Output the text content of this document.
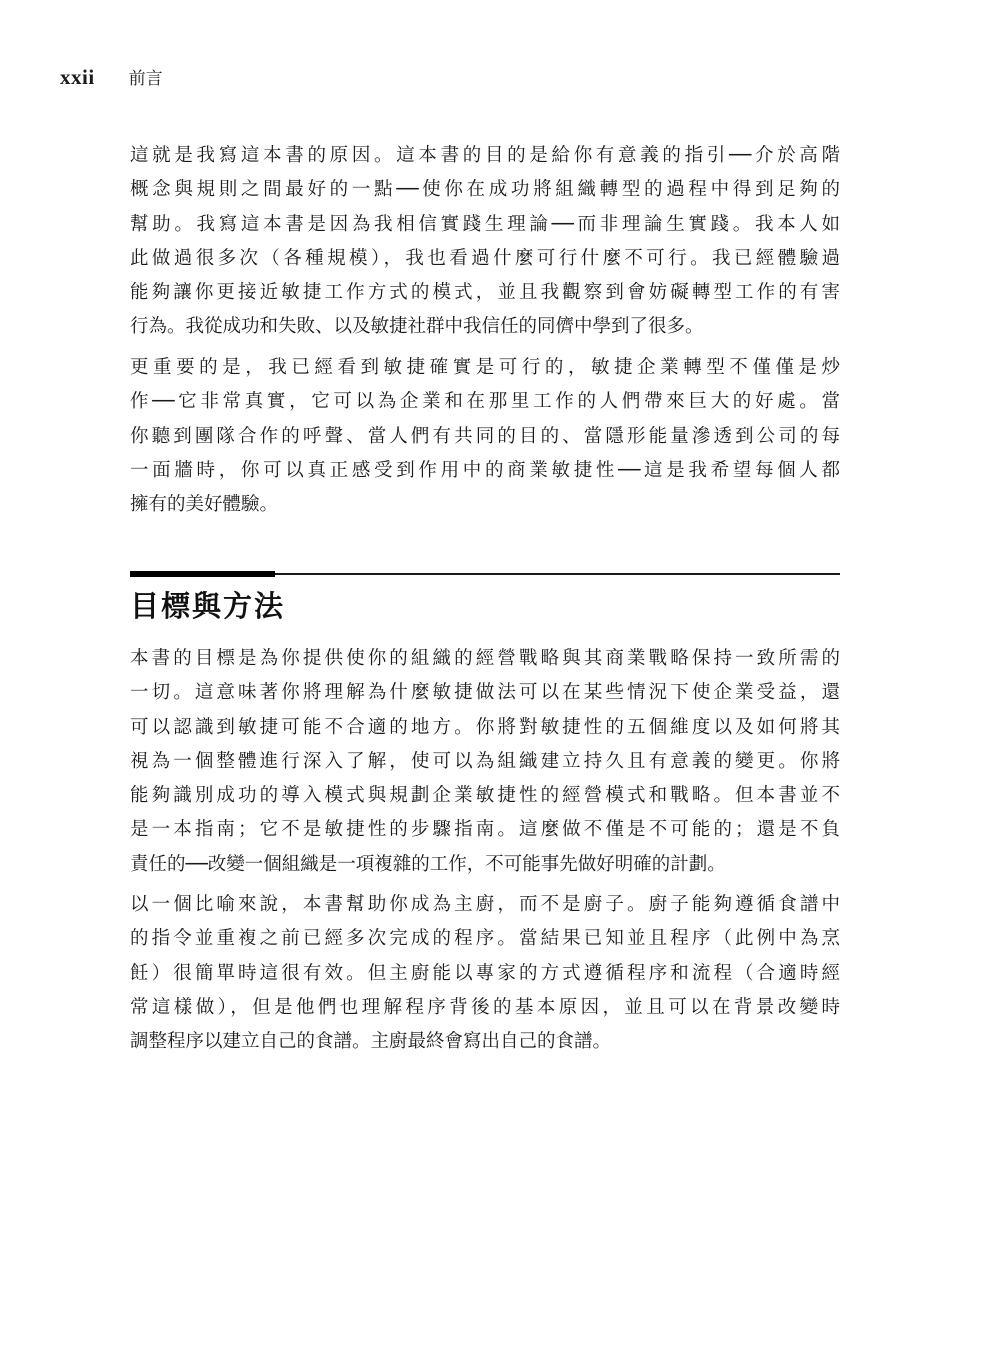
xxii 前言

這就是我寫這本書的原因。這本書的目的是給你有意義的指引──介於高階
概念與規則之間最好的一點──使你在成功將組織轉型的過程中得到足夠的
幫助。我寫這本書是因為我相信實踐生理論──而非理論生實踐。我本人如
此做過很多次（各種規模），我也看過什麼可行什麼不可行。我已經體驗過
能夠讓你更接近敏捷工作方式的模式，並且我觀察到會妨礙轉型工作的有害
行為。我從成功和失敗、以及敏捷社群中我信任的同儕中學到了很多。

更重要的是，我已經看到敏捷確實是可行的，敏捷企業轉型不僅僅是炒
作──它非常真實，它可以為企業和在那里工作的人們帶來巨大的好處。當
你聽到團隊合作的呼聲、當人們有共同的目的、當隱形能量滲透到公司的每
一面牆時，你可以真正感受到作用中的商業敏捷性──這是我希望每個人都
擁有的美好體驗。

目標與方法

本書的目標是為你提供使你的組織的經營戰略與其商業戰略保持一致所需的
一切。這意味著你將理解為什麼敏捷做法可以在某些情況下使企業受益，還
可以認識到敏捷可能不合適的地方。你將對敏捷性的五個維度以及如何將其
視為一個整體進行深入了解，使可以為組織建立持久且有意義的變更。你將
能夠識別成功的導入模式與規劃企業敏捷性的經營模式和戰略。但本書並不
是一本指南；它不是敏捷性的步驟指南。這麼做不僅是不可能的；還是不負
責任的──改變一個組織是一項複雜的工作，不可能事先做好明確的計劃。

以一個比喻來說，本書幫助你成為主廚，而不是廚子。廚子能夠遵循食譜中
的指令並重複之前已經多次完成的程序。當結果已知並且程序（此例中為烹
飪）很簡單時這很有效。但主廚能以專家的方式遵循程序和流程（合適時經
常這樣做），但是他們也理解程序背後的基本原因，並且可以在背景改變時
調整程序以建立自己的食譜。主廚最終會寫出自己的食譜。
